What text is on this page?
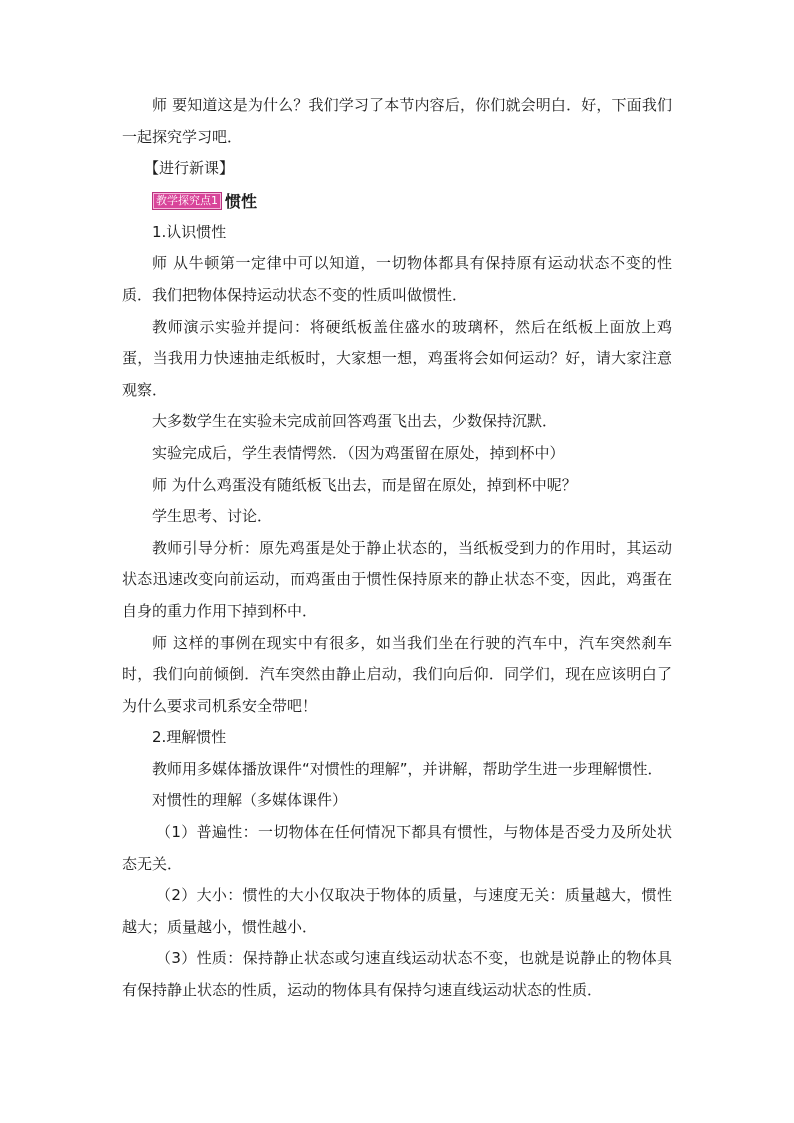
师 要知道这是为什么？我们学习了本节内容后，你们就会明白．好，下面我们一起探究学习吧．

【进行新课】

教学探究点1 惯性

1.认识惯性

师 从牛顿第一定律中可以知道，一切物体都具有保持原有运动状态不变的性质．我们把物体保持运动状态不变的性质叫做惯性．

教师演示实验并提问：将硬纸板盖住盛水的玻璃杯，然后在纸板上面放上鸡蛋，当我用力快速抽走纸板时，大家想一想，鸡蛋将会如何运动？好，请大家注意观察．

大多数学生在实验未完成前回答鸡蛋飞出去，少数保持沉默．

实验完成后，学生表情愕然．（因为鸡蛋留在原处，掉到杯中）

师 为什么鸡蛋没有随纸板飞出去，而是留在原处，掉到杯中呢？

学生思考、讨论．

教师引导分析：原先鸡蛋是处于静止状态的，当纸板受到力的作用时，其运动状态迅速改变向前运动，而鸡蛋由于惯性保持原来的静止状态不变，因此，鸡蛋在自身的重力作用下掉到杯中．

师 这样的事例在现实中有很多，如当我们坐在行驶的汽车中，汽车突然刹车时，我们向前倾倒．汽车突然由静止启动，我们向后仰．同学们，现在应该明白了为什么要求司机系安全带吧！

2.理解惯性

教师用多媒体播放课件“对惯性的理解”，并讲解，帮助学生进一步理解惯性．

对惯性的理解（多媒体课件）

（1）普遍性：一切物体在任何情况下都具有惯性，与物体是否受力及所处状态无关．

（2）大小：惯性的大小仅取决于物体的质量，与速度无关：质量越大，惯性越大；质量越小，惯性越小．

（3）性质：保持静止状态或匀速直线运动状态不变，也就是说静止的物体具有保持静止状态的性质，运动的物体具有保持匀速直线运动状态的性质．
